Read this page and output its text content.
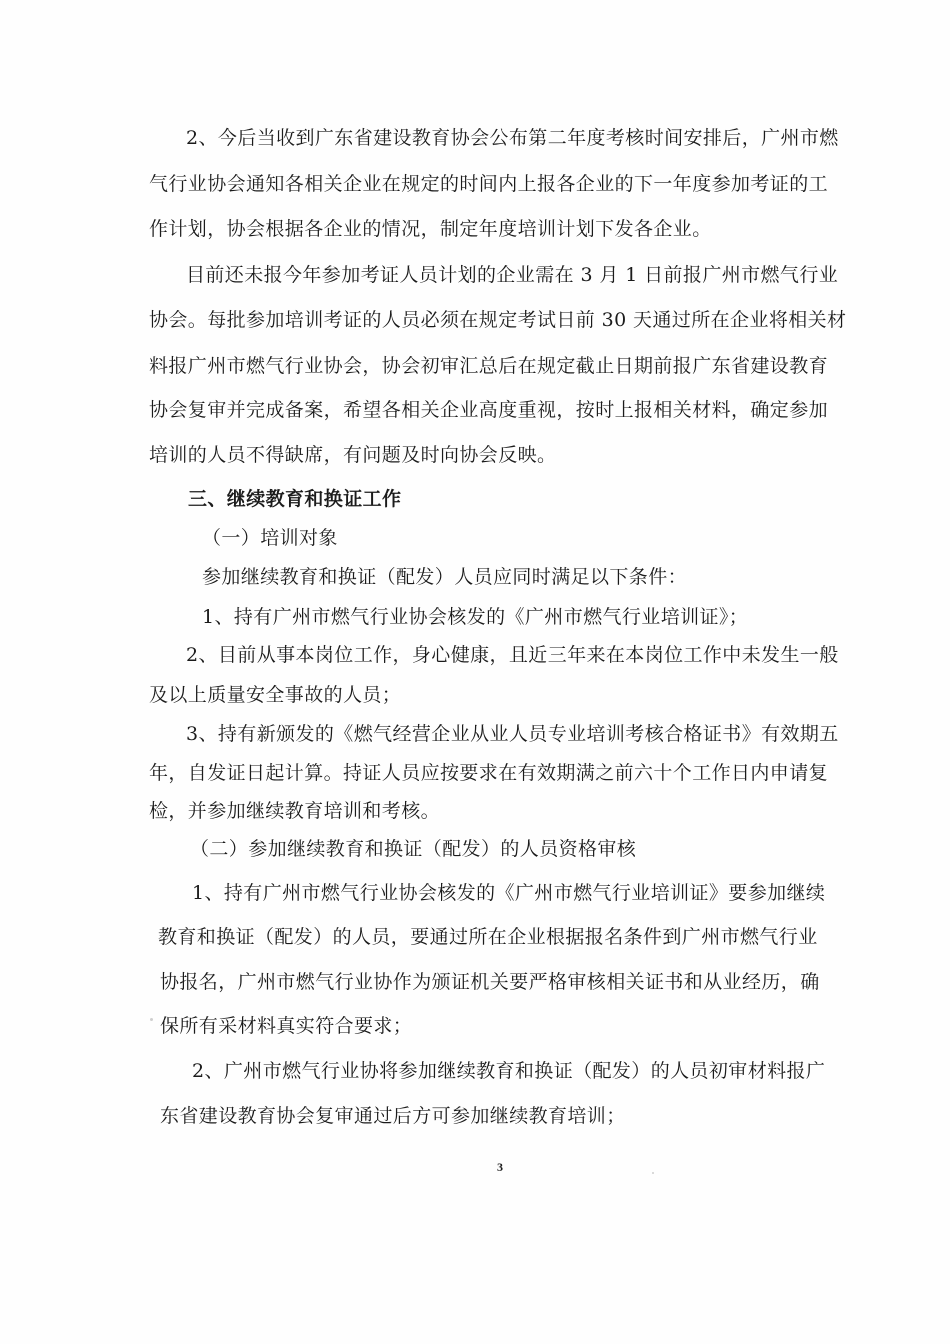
2、今后当收到广东省建设教育协会公布第二年度考核时间安排后，广州市燃
气行业协会通知各相关企业在规定的时间内上报各企业的下一年度参加考证的工
作计划，协会根据各企业的情况，制定年度培训计划下发各企业。
目前还未报今年参加考证人员计划的企业需在 3 月 1 日前报广州市燃气行业
协会。每批参加培训考证的人员必须在规定考试日前 30 天通过所在企业将相关材
料报广州市燃气行业协会，协会初审汇总后在规定截止日期前报广东省建设教育
协会复审并完成备案，希望各相关企业高度重视，按时上报相关材料，确定参加
培训的人员不得缺席，有问题及时向协会反映。
三、继续教育和换证工作
（一）培训对象
参加继续教育和换证（配发）人员应同时满足以下条件：
1、持有广州市燃气行业协会核发的《广州市燃气行业培训证》；
2、目前从事本岗位工作，身心健康，且近三年来在本岗位工作中未发生一般
及以上质量安全事故的人员；
3、持有新颁发的《燃气经营企业从业人员专业培训考核合格证书》有效期五
年，自发证日起计算。持证人员应按要求在有效期满之前六十个工作日内申请复
检，并参加继续教育培训和考核。
（二）参加继续教育和换证（配发）的人员资格审核
1、持有广州市燃气行业协会核发的《广州市燃气行业培训证》要参加继续
教育和换证（配发）的人员，要通过所在企业根据报名条件到广州市燃气行业
协报名，广州市燃气行业协作为颁证机关要严格审核相关证书和从业经历，确
保所有采材料真实符合要求；
2、广州市燃气行业协将参加继续教育和换证（配发）的人员初审材料报广
东省建设教育协会复审通过后方可参加继续教育培训；
3
